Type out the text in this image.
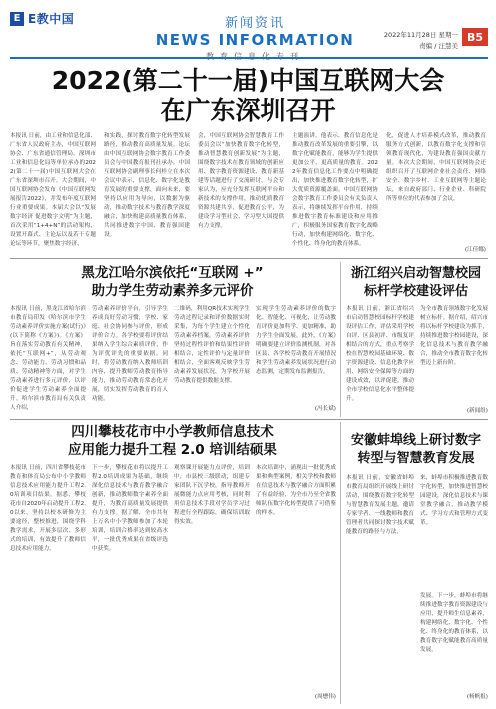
E E教中国	新闻资讯
NEWS INFORMATION	2022年11月28日 星期一
责编 / 汪慧美
B5
2022(第二十一届)中国互联网大会
在广东深圳召开
本报讯 日前，由工业和信息化部、广东省人民政府主办，中国互联网协会、广东省通信管理局、深圳市工业和信息化局等单位承办的2022(第二十一届)中国互联网大会在广东省深圳市召开。大会期间，中国互联网协会发布《中国互联网发展报告2022》，并发布年度互联网行业重要成果。本届大会以“发展数字经济 促进数字文明”为主题，首次采用“1+4+N”的活动架构，设置开幕式、主论坛以及若干专题论坛等环节，聚焦数字经济、
和实践，探讨教育数字化转型发展路径，推动教育高质量发展。论坛由中国互联网协会数字教育工作委员会与中国教育报刊社承办。中国互联网协会副理事长何桂立在本次会议中表示，信息化、数字化是教育发展的重要支撑，面向未来，要坚持以应用为导向，以数据为驱动，推动数字技术与教育教学深度融合，加快构建高质量教育体系，共同推进数字中国、教育强国建设。
会，中国互联网协会智慧教育工作委员会以“加快教育数字化转型，推动智慧教育创新发展”为主题，围绕数字技术在教育领域的创新应用、数字教育资源建设、教育新基建等话题进行了交流研讨。与会专家认为，应充分发挥互联网平台和新技术的支撑作用，推动优质教育资源共建共享，促进教育公平，为建设学习型社会、学习型大国提供有力支撑。
主题演讲。他表示，教育信息化是推动教育改革发展的重要引擎，以数字化赋能教育，能够为学生提供更加公平、更高质量的教育。2022年教育信息化工作要点中明确提出，加快推进教育数字化转型，扩大优质资源覆盖面。中国互联网协会数字教育工作委员会有关负责人表示，将继续发挥平台作用，持续推进数字教育标准建设和应用推广，积极服务国家教育数字化战略行动，加快构建网络化、数字化、个性化、终身化的教育体系。
化，促进人才培养模式改革，推动教育服务方式创新，以教育数字化支撑和引领教育现代化，为建设教育强国贡献力量。本次大会期间，中国互联网协会还组织召开了互联网企业社会责任、网络安全、数字乡村、工业互联网等主题论坛，来自政府部门、行业企业、科研院所等单位的代表参加了会议。
(江佳娜)
黑龙江哈尔滨依托“互联网 +”
助力学生劳动素养多元评价
本报讯 日前，黑龙江省哈尔滨市教育局印发《哈尔滨市学生劳动素养评价实施方案(试行)》(以下简称《方案》)。《方案》旨在落实劳动教育有关精神，依托“互联网+”，从劳动观念、劳动能力、劳动习惯和品质、劳动精神等方面，对学生劳动素养进行多元评价，以评价促进学生劳动素养全面提升。哈尔滨市教育局有关负责人介绍，
劳动素养评价平台，引导学生养成良好劳动习惯，学校、家庭、社会协同参与评价，形成评价合力。各学校要将评价结果纳入学生综合素质评价，作为评优评先的重要依据。同时，将劳动教育纳入教师培训内容，提升教师劳动教育指导能力，推动劳动教育常态化开展，切实发挥劳动教育的育人功能。
二维码，利用QR技术实现学生劳动过程记录和评价数据实时采集，为每个学生建立个性化劳动素养档案。劳动素养评价坚持过程性评价和结果性评价相结合，定性评价与定量评价相结合，全面客观反映学生劳动素养发展状况，为学校开展劳动教育提供数据支撑。
实现学生劳动素养评价的数字化、智能化、可视化，让劳动教育评价更加科学、更加精准，助力学生全面发展。此外，《方案》明确要建立评价监测机制，对各区县、各学校劳动教育开展情况和学生劳动素养发展状况进行动态监测，定期发布监测报告。
(冯长斌)
浙江绍兴启动智慧校园
标杆学校建设评估
本报讯 日前，浙江省绍兴市启动智慧校园标杆学校建设评估工作，评估采用学校自评、区县初评、市级复评相结合的方式，重点考察学校在智慧校园基础环境、数字资源建设、信息化教学应用、网络安全保障等方面的建设成效，以评促建，推动全市学校信息化水平整体提升。
为全市教育领域数字化发展树立标杆。据介绍，绍兴市将以标杆学校建设为抓手，持续推进数字校园建设，深化信息技术与教育教学融合，推动全市教育数字化转型迈上新台阶。
(新闻组)
四川攀枝花市中小学教师信息技术
应用能力提升工程 2.0 培训结硕果
本报讯 日前，四川省攀枝花市教育和体育局公布中小学教师信息技术应用能力提升工程2.0培训项目结果。据悉，攀枝花市自2020年启动提升工程2.0以来，坚持以校本研修为主要途径，整校推进，围绕学科教学需求，开展多层次、多形式的培训，有效提升了教师信息技术应用能力，
下一步，攀枝花市将以提升工程2.0培训成果为基础，继续深化信息技术与教育教学融合创新，推动教师数字素养全面提升，为教育高质量发展提供有力支撑。据了解，全市共有上万名中小学教师参加了本轮培训，培训合格率达到较高水平，一批优秀成果在省级评选中获奖。
观察课开展能力点评价，培训中，市县校三级联动，组建专家团队下沉学校，指导教师开展微能力点应用考核，同时利用信息技术手段对学员学习过程进行全程跟踪，确保培训取得实效。
本次培训中，涌现出一批优秀成果和典型案例，相关学校和教师在信息技术与教学融合方面积累了有益经验，为全市乃至全省教师队伍数字化转型提供了可借鉴的样本。
(周懋伟)
安徽蚌埠线上研讨数字
转型与智慧教育发展
本报讯 日前，安徽省蚌埠市教育局组织开展线上研讨活动，围绕教育数字化转型与智慧教育发展主题，邀请专家学者、一线教师和教育管理者共同探讨数字技术赋能教育的路径与方法，
来，蚌埠市积极推进教育数字化转型，加快推进智慧校园建设，深化信息技术与课堂教学融合，推动教学模式、学习方式和管理方式变革。
发展。下一步，蚌埠市将继续推进数字教育资源建设与应用，提升师生信息素养，构建网络化、数字化、个性化、终身化的教育体系，以教育数字化赋能教育高质量发展。
(杨帆报)
